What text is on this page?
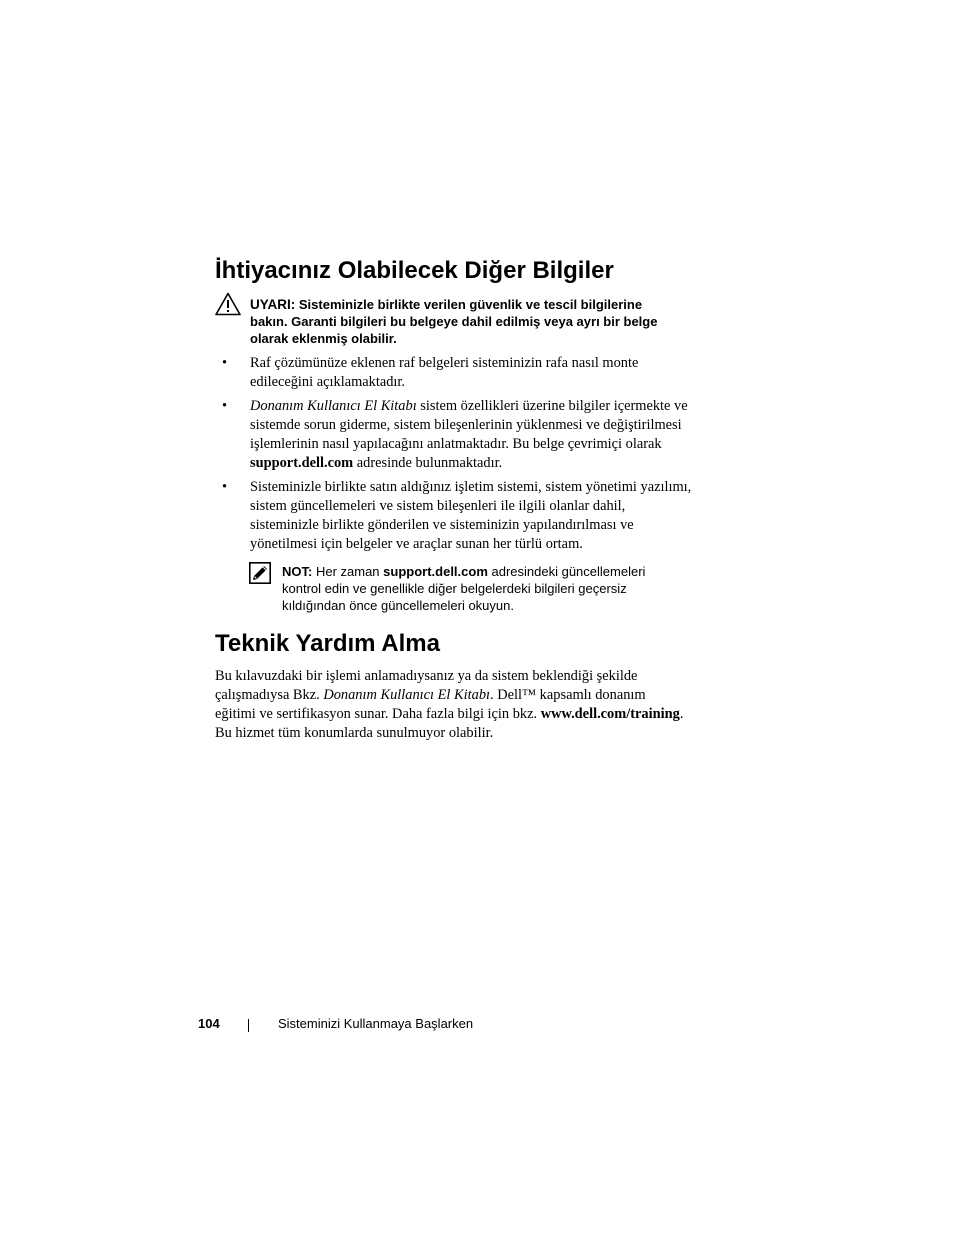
İhtiyacınız Olabilecek Diğer Bilgiler
UYARI: Sisteminizle birlikte verilen güvenlik ve tescil bilgilerine
bakın. Garanti bilgileri bu belgeye dahil edilmiş veya ayrı bir belge
olarak eklenmiş olabilir.
• Raf çözümünüze eklenen raf belgeleri sisteminizin rafa nasıl monte
edileceğini açıklamaktadır.
• Donanım Kullanıcı El Kitabı sistem özellikleri üzerine bilgiler içermekte ve
sistemde sorun giderme, sistem bileşenlerinin yüklenmesi ve değiştirilmesi
işlemlerinin nasıl yapılacağını anlatmaktadır. Bu belge çevrimiçi olarak
support.dell.com adresinde bulunmaktadır.
• Sisteminizle birlikte satın aldığınız işletim sistemi, sistem yönetimi yazılımı,
sistem güncellemeleri ve sistem bileşenleri ile ilgili olanlar dahil,
sisteminizle birlikte gönderilen ve sisteminizin yapılandırılması ve
yönetilmesi için belgeler ve araçlar sunan her türlü ortam.
NOT: Her zaman support.dell.com adresindeki güncellemeleri
kontrol edin ve genellikle diğer belgelerdeki bilgileri geçersiz
kıldığından önce güncellemeleri okuyun.
Teknik Yardım Alma
Bu kılavuzdaki bir işlemi anlamadıysanız ya da sistem beklendiği şekilde
çalışmadıysa Bkz. Donanım Kullanıcı El Kitabı. Dell™ kapsamlı donanım
eğitimi ve sertifikasyon sunar. Daha fazla bilgi için bkz. www.dell.com/training.
Bu hizmet tüm konumlarda sunulmuyor olabilir.
104	Sisteminizi Kullanmaya Başlarken
